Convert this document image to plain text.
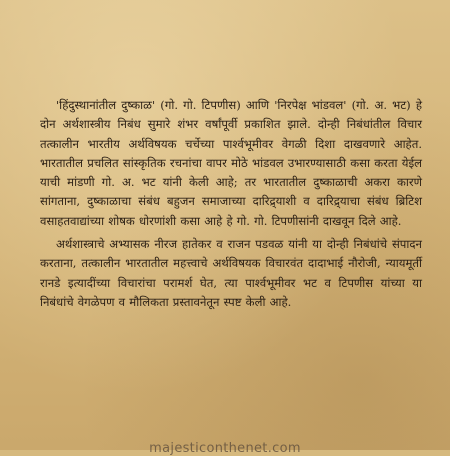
'हिंदुस्थानांतील दुष्काळ' (गो. गो. टिपणीस) आणि 'निरपेक्ष भांडवल' (गो. अ. भट) हे दोन अर्थशास्त्रीय निबंध सुमारे शंभर वर्षांपूर्वी प्रकाशित झाले. दोन्ही निबंधांतील विचार तत्कालीन भारतीय अर्थविषयक चर्चेच्या पार्श्वभूमीवर वेगळी दिशा दाखवणारे आहेत. भारतातील प्रचलित सांस्कृतिक रचनांचा वापर मोठे भांडवल उभारण्यासाठी कसा करता येईल याची मांडणी गो. अ. भट यांनी केली आहे; तर भारतातील दुष्काळाची अकरा कारणे सांगताना, दुष्काळाचा संबंध बहुजन समाजाच्या दारिद्र्याशी व दारिद्र्याचा संबंध ब्रिटिश वसाहतवाद्यांच्या शोषक धोरणांशी कसा आहे हे गो. गो. टिपणीसांनी दाखवून दिले आहे.

अर्थशास्त्राचे अभ्यासक नीरज हातेकर व राजन पडवळ यांनी या दोन्ही निबंधांचे संपादन करताना, तत्कालीन भारतातील महत्त्वाचे अर्थविषयक विचारवंत दादाभाई नौरोजी, न्यायमूर्ती रानडे इत्यादींच्या विचारांचा परामर्श घेत, त्या पार्श्वभूमीवर भट व टिपणीस यांच्या या निबंधांचे वेगळेपण व मौलिकता प्रस्तावनेतून स्पष्ट केली आहे.

majesticonthenet.com
